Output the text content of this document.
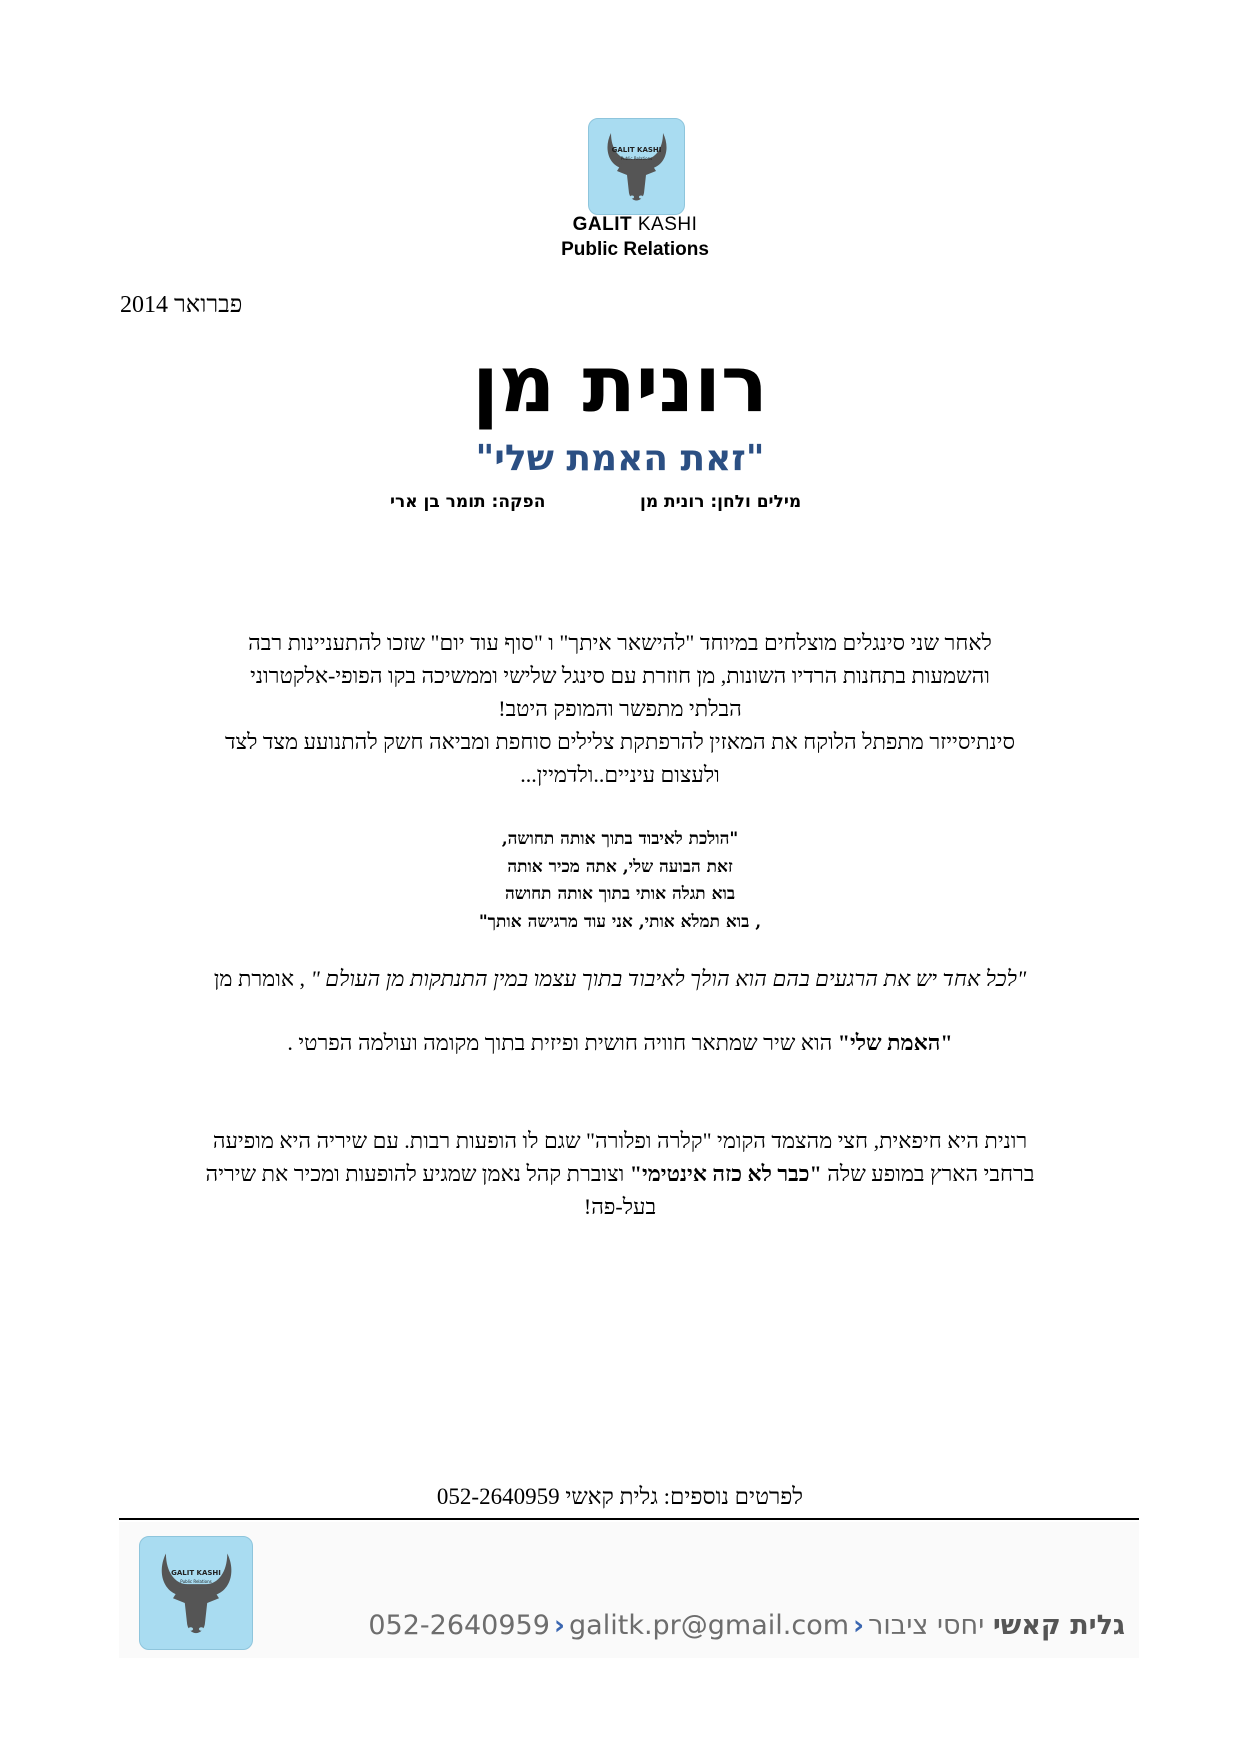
GALIT KASHI
Public Relations
GALIT KASHI
Public Relations
פברואר 2014
רונית מן
"זאת האמת שלי"
מילים ולחן: רונית מן
הפקה: תומר בן ארי
לאחר שני סינגלים מוצלחים במיוחד "להישאר איתך" ו "סוף עוד יום" שזכו להתעניינות רבה
והשמעות בתחנות הרדיו השונות, מן חוזרת עם סינגל שלישי וממשיכה בקו הפופי-אלקטרוני
הבלתי מתפשר והמופק היטב!
סינתיסייזר מתפתל הלוקח את המאזין להרפתקת צלילים סוחפת ומביאה חשק להתנועע מצד לצד
ולעצום עיניים..ולדמיין...
"הולכת לאיבוד בתוך אותה תחושה,
זאת הבועה שלי, אתה מכיר אותה
בוא תגלה אותי בתוך אותה תחושה
, בוא תמלא אותי, אני עוד מרגישה אותך"
"לכל אחד יש את הרגעים בהם הוא הולך לאיבוד בתוך עצמו במין התנתקות מן העולם " , אומרת מן
"האמת שלי" הוא שיר שמתאר חוויה חושית ופיזית בתוך מקומה ועולמה הפרטי .
רונית היא חיפאית, חצי מהצמד הקומי "קלרה ופלורה" שגם לו הופעות רבות. עם שיריה היא מופיעה
ברחבי הארץ במופע שלה "כבר לא כזה אינטימי" וצוברת קהל נאמן שמגיע להופעות ומכיר את שיריה
בעל-פה!
לפרטים נוספים: גלית קאשי 052-2640959
GALIT KASHI
Public Relations
גלית קאשי יחסי ציבור‹galitk.pr@gmail.com‹052-2640959
